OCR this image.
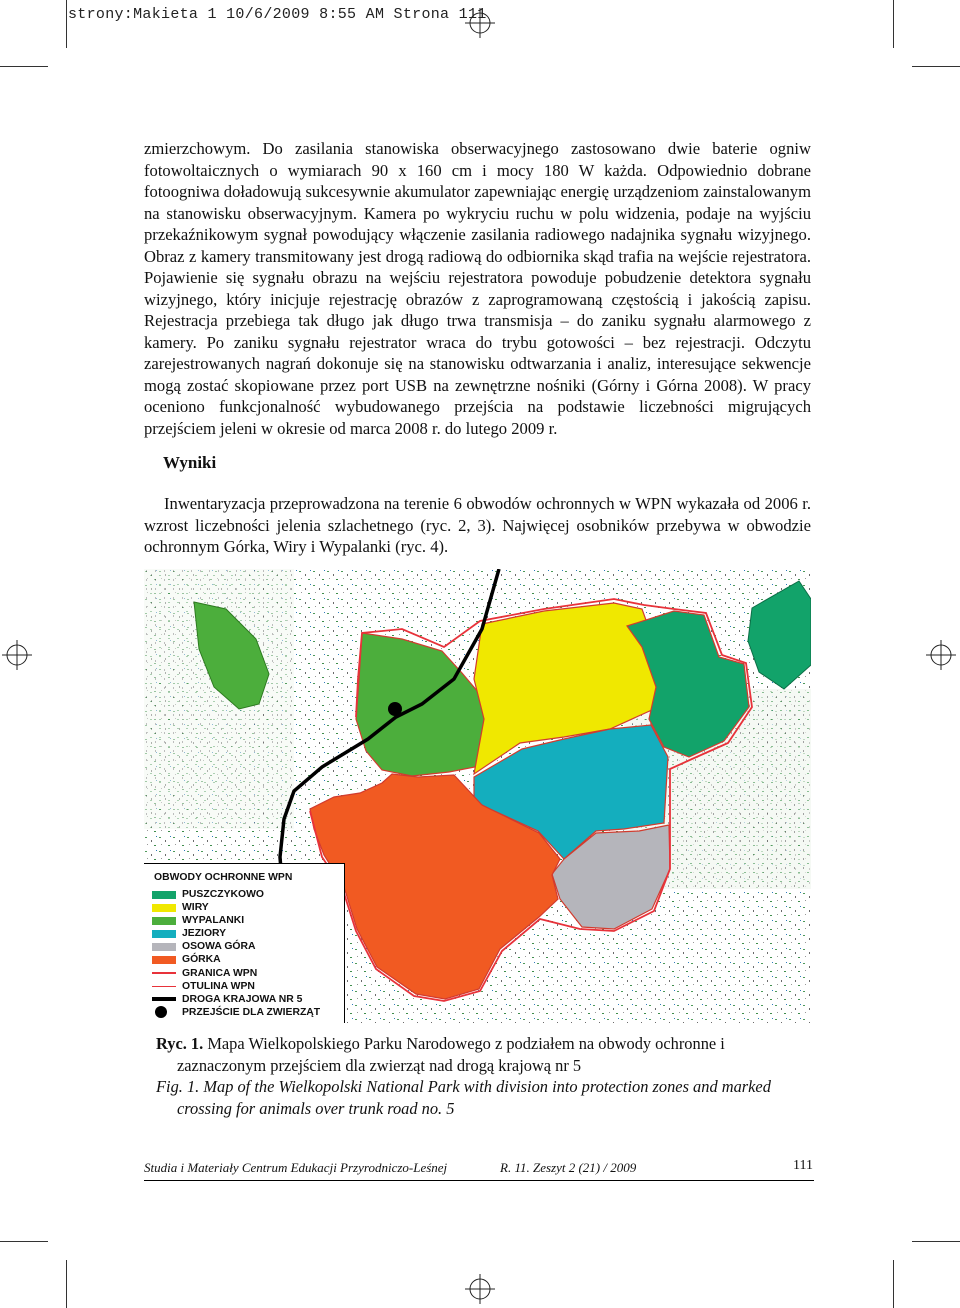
strony:Makieta 1 10/6/2009 8:55 AM Strona 111

zmierzchowym. Do zasilania stanowiska obserwacyjnego zastosowano dwie baterie ogniw fotowoltaicznych o wymiarach 90 x 160 cm i mocy 180 W każda. Odpowiednio dobrane fotoogniwa doładowują sukcesywnie akumulator zapewniając energię urządzeniom zainstalowanym na stanowisku obserwacyjnym. Kamera po wykryciu ruchu w polu widzenia, podaje na wyjściu przekaźnikowym sygnał powodujący włączenie zasilania radiowego nadajnika sygnału wizyjnego. Obraz z kamery transmitowany jest drogą radiową do odbiornika skąd trafia na wejście rejestratora. Pojawienie się sygnału obrazu na wejściu rejestratora powoduje pobudzenie detektora sygnału wizyjnego, który inicjuje rejestrację obrazów z zaprogramowaną częstością i jakością zapisu. Rejestracja przebiega tak długo jak długo trwa transmisja – do zaniku sygnału alarmowego z kamery. Po zaniku sygnału rejestrator wraca do trybu gotowości – bez rejestracji. Odczytu zarejestrowanych nagrań dokonuje się na stanowisku odtwarzania i analiz, interesujące sekwencje mogą zostać skopiowane przez port USB na zewnętrzne nośniki (Górny i Górna 2008). W pracy oceniono funkcjonalność wybudowanego przejścia na podstawie liczebności migrujących przejściem jeleni w okresie od marca 2008 r. do lutego 2009 r.

Wyniki
Inwentaryzacja przeprowadzona na terenie 6 obwodów ochronnych w WPN wykazała od 2006 r. wzrost liczebności jelenia szlachetnego (ryc. 2, 3). Najwięcej osobników przebywa w obwodzie ochronnym Górka, Wiry i Wypalanki (ryc. 4).
OBWODY OCHRONNE WPN
PUSZCZYKOWO
WIRY
WYPALANKI
JEZIORY
OSOWA GÓRA
GÓRKA
GRANICA WPN
OTULINA WPN
DROGA KRAJOWA NR 5
PRZEJŚCIE DLA ZWIERZĄT

Ryc. 1. Mapa Wielkopolskiego Parku Narodowego z podziałem na obwody ochronne i zaznaczonym przejściem dla zwierząt nad drogą krajową nr 5

Fig. 1. Map of the Wielkopolski National Park with division into protection zones and marked crossing for animals over trunk road no. 5

Studia i Materiały Centrum Edukacji Przyrodniczo-Leśnej	R. 11. Zeszyt 2 (21) / 2009	111
